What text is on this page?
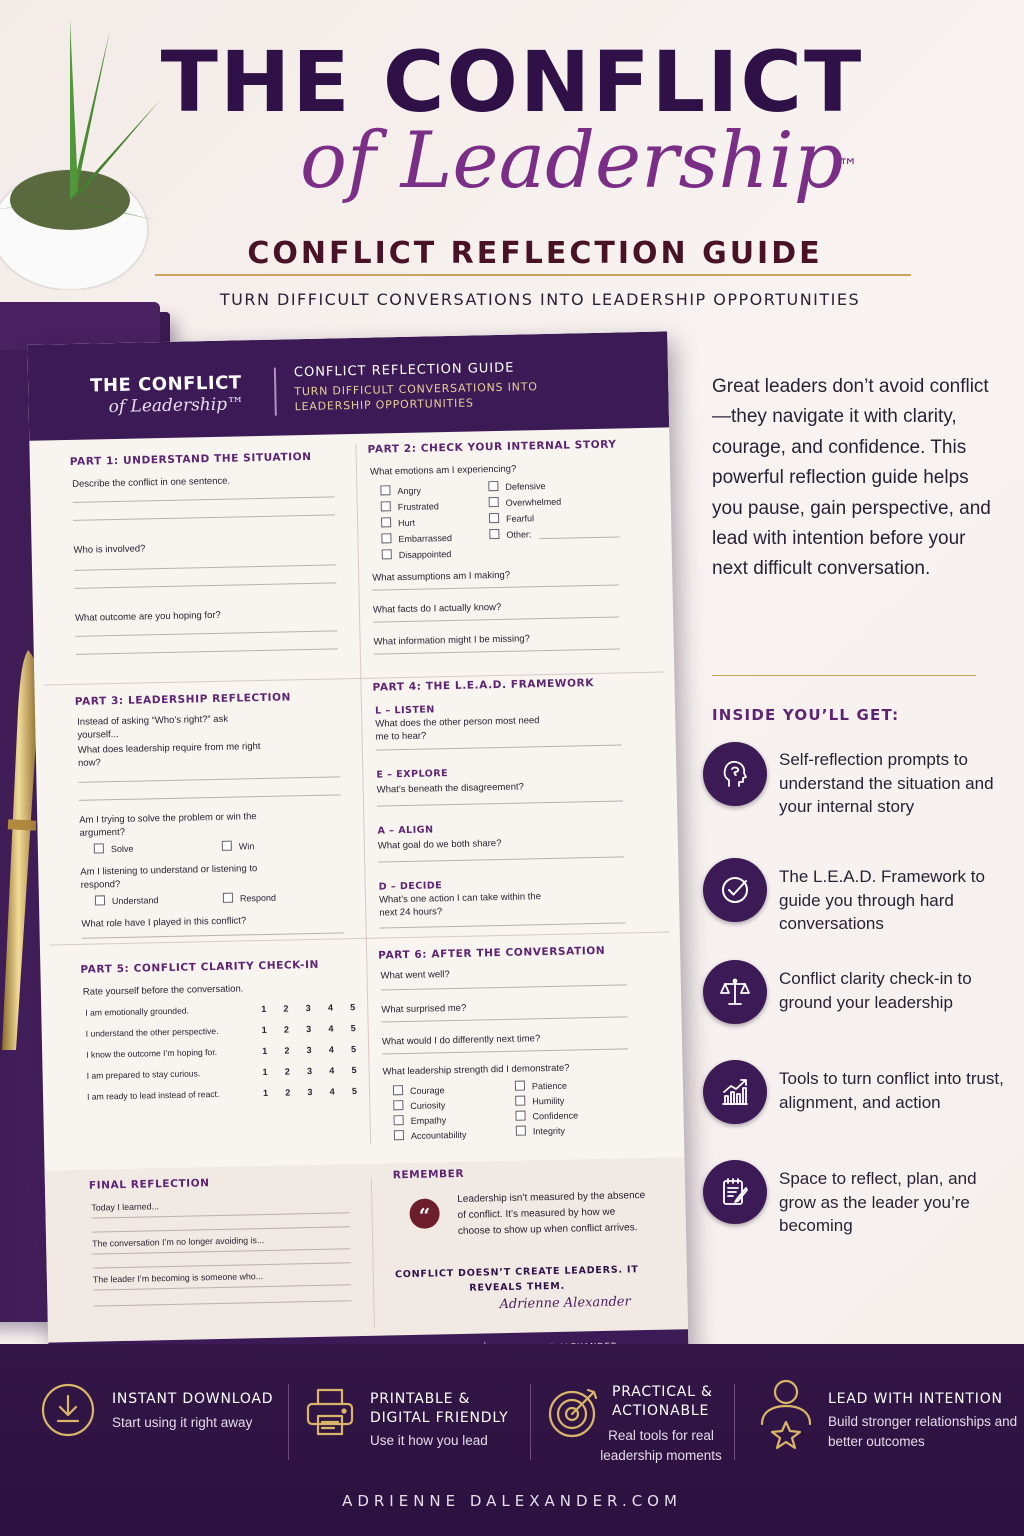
THE CONFLICT
of Leadership
™
CONFLICT REFLECTION GUIDE
TURN DIFFICULT CONVERSATIONS INTO LEADERSHIP OPPORTUNITIES
THE CONFLICT
of Leadership™
CONFLICT REFLECTION GUIDE
TURN DIFFICULT CONVERSATIONS INTO LEADERSHIP OPPORTUNITIES
PART 1: UNDERSTAND THE SITUATION
Describe the conflict in one sentence.
Who is involved?
What outcome are you hoping for?
PART 2: CHECK YOUR INTERNAL STORY
What emotions am I experiencing?
Angry
Frustrated
Hurt
Embarrassed
Disappointed
Defensive
Overwhelmed
Fearful
Other:
What assumptions am I making?
What facts do I actually know?
What information might I be missing?
PART 3: LEADERSHIP REFLECTION
Instead of asking “Who’s right?” ask yourself...
What does leadership require from me right now?
Am I trying to solve the problem or win the argument?
Solve	Win
Am I listening to understand or listening to respond?
Understand	Respond
What role have I played in this conflict?
PART 4: THE L.E.A.D. FRAMEWORK
L – LISTEN
What does the other person most need me to hear?
E – EXPLORE
What’s beneath the disagreement?
A – ALIGN
What goal do we both share?
D – DECIDE
What’s one action I can take within the next 24 hours?
PART 5: CONFLICT CLARITY CHECK-IN
Rate yourself before the conversation.
I am emotionally grounded.	1 2 3 4 5
I understand the other perspective.	1 2 3 4 5
I know the outcome I’m hoping for.	1 2 3 4 5
I am prepared to stay curious.	1 2 3 4 5
I am ready to lead instead of react.	1 2 3 4 5
PART 6: AFTER THE CONVERSATION
What went well?
What surprised me?
What would I do differently next time?
What leadership strength did I demonstrate?
Courage
Curiosity
Empathy
Accountability
Patience
Humility
Confidence
Integrity
FINAL REFLECTION
Today I learned...
The conversation I’m no longer avoiding is...
The leader I’m becoming is someone who...
REMEMBER
“
Leadership isn’t measured by the absence of conflict. It’s measured by how we choose to show up when conflict arrives.
CONFLICT DOESN’T CREATE LEADERS. IT REVEALS THEM.
Adrienne Alexander
Great leaders don’t avoid conflict—they navigate it with clarity, courage, and confidence. This powerful reflection guide helps you pause, gain perspective, and lead with intention before your next difficult conversation.
INSIDE YOU’LL GET:
Self-reflection prompts to understand the situation and your internal story
The L.E.A.D. Framework to guide you through hard conversations
Conflict clarity check-in to ground your leadership
Tools to turn conflict into trust, alignment, and action
Space to reflect, plan, and grow as the leader you’re becoming
INSTANT DOWNLOAD
Start using it right away
PRINTABLE &
DIGITAL FRIENDLY
Use it how you lead
PRACTICAL &
ACTIONABLE
Real tools for real leadership moments
LEAD WITH INTENTION
Build stronger relationships and better outcomes
ADRIENNE DALEXANDER.COM
